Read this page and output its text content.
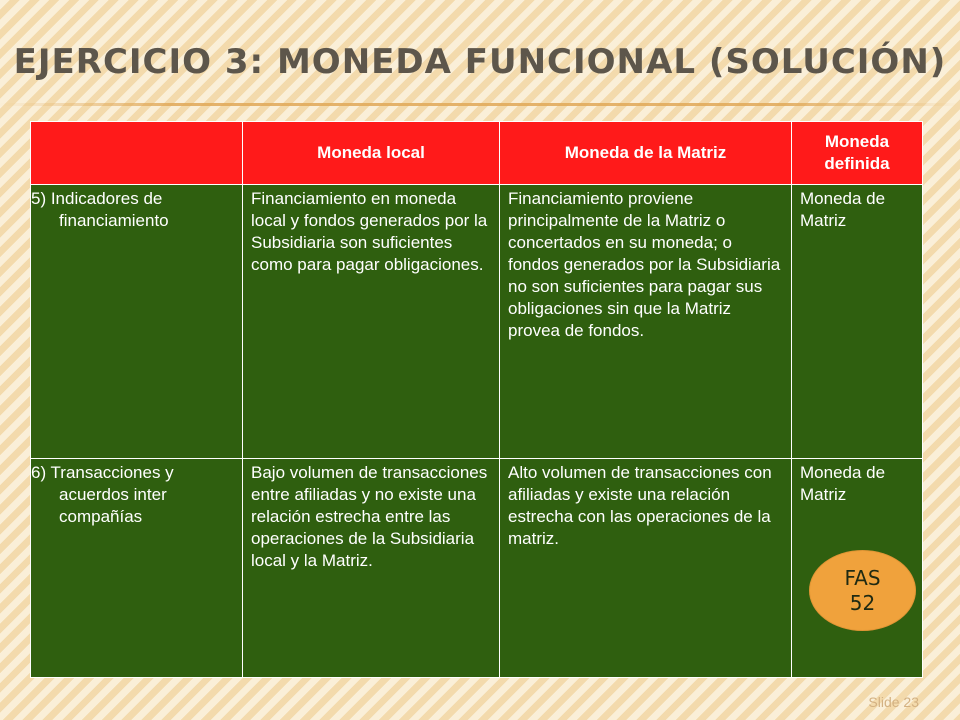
EJERCICIO 3: MONEDA FUNCIONAL (SOLUCIÓN)
	Moneda local	Moneda de la Matriz	Moneda definida

5) Indicadores de financiamiento	Financiamiento en moneda local y fondos generados por la Subsidiaria son suficientes como para pagar obligaciones.	Financiamiento proviene principalmente de la Matriz o concertados en su moneda; o fondos generados por la Subsidiaria no son suficientes para pagar sus obligaciones sin que la Matriz provea de fondos.	Moneda de Matriz

6) Transacciones y acuerdos inter compañías	Bajo volumen de transacciones entre afiliadas y no existe una relación estrecha entre las operaciones de la Subsidiaria local y la Matriz.	Alto volumen de transacciones con afiliadas y existe una relación estrecha con las operaciones de la matriz.	Moneda de Matriz
FAS
52
Slide 23
